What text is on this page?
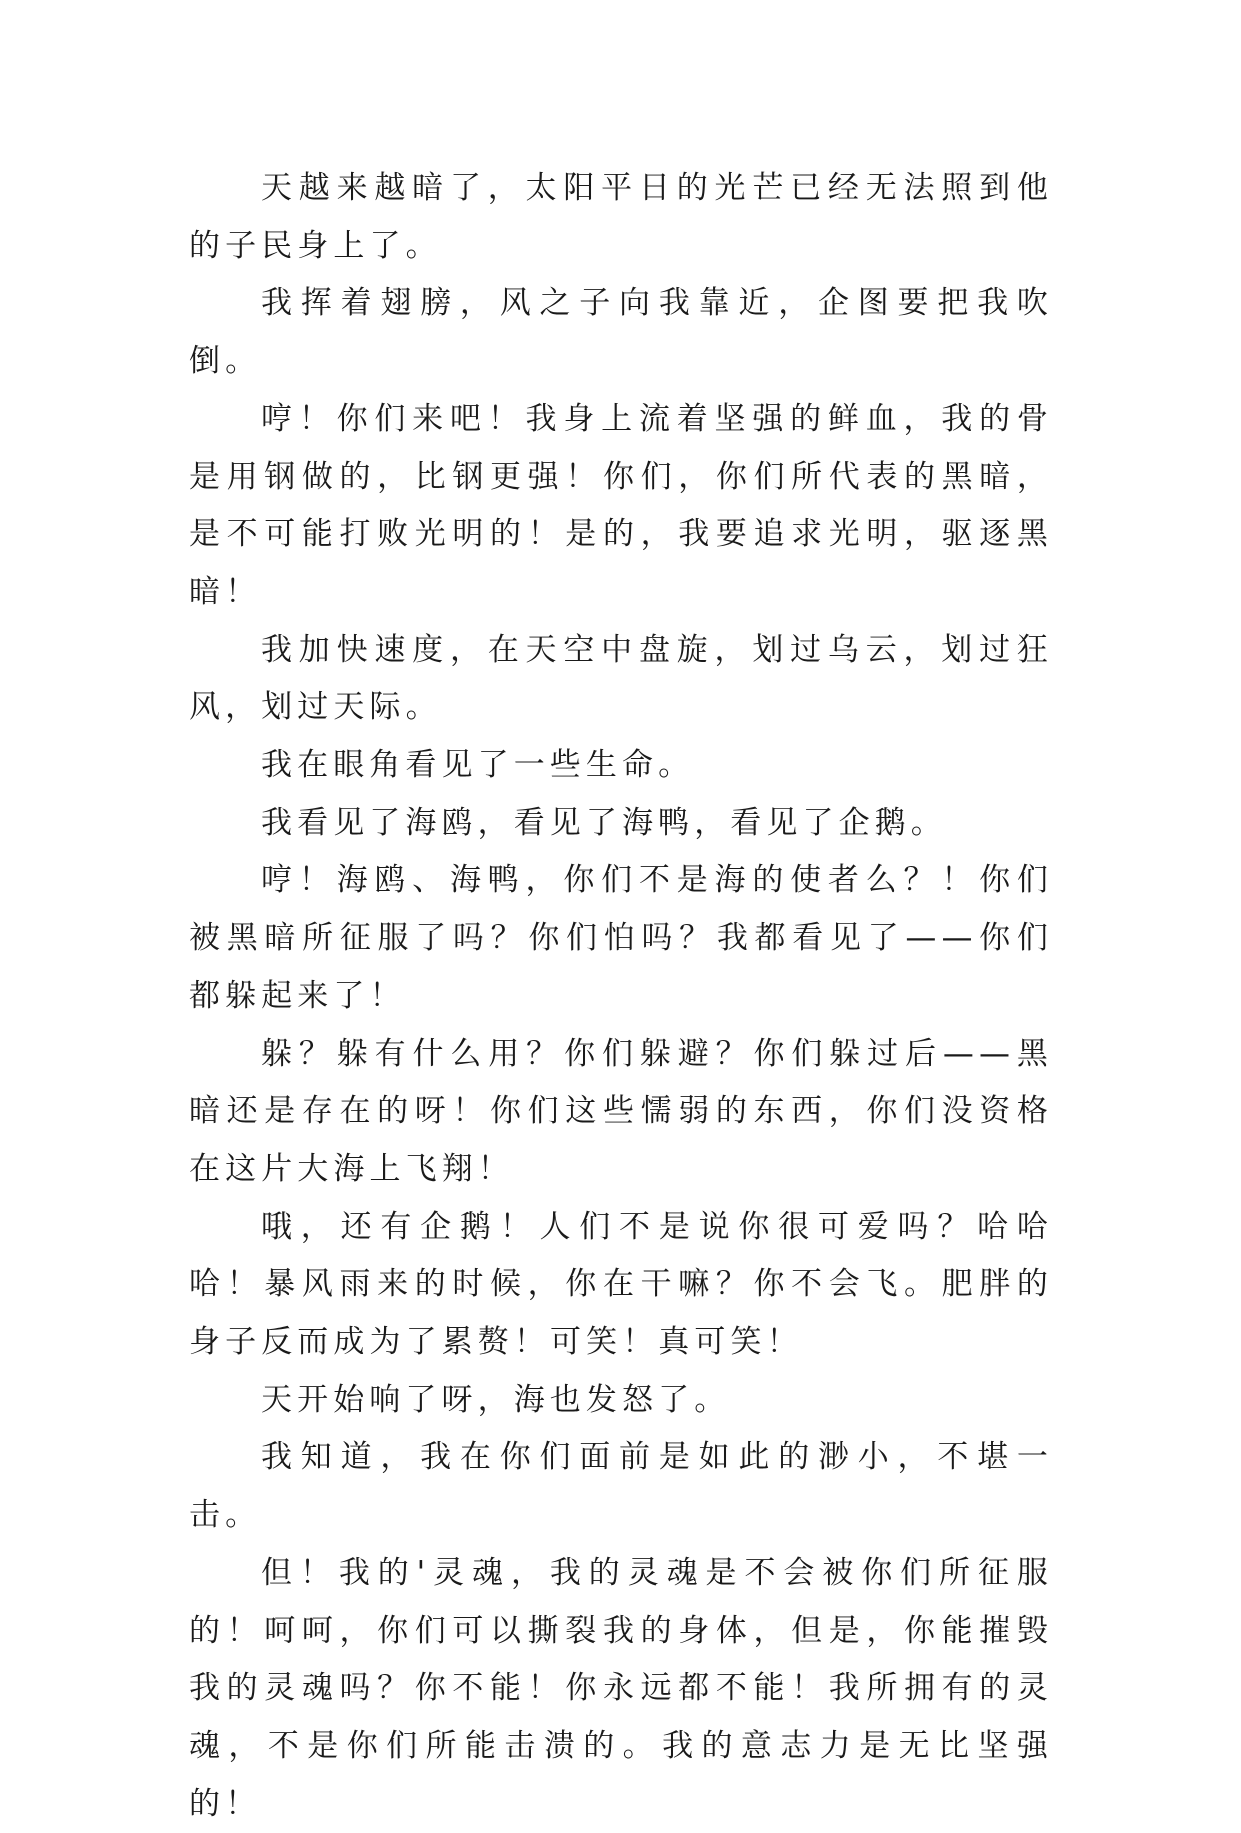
天越来越暗了，太阳平日的光芒已经无法照到他的子民身上了。

我挥着翅膀，风之子向我靠近，企图要把我吹倒。

哼！你们来吧！我身上流着坚强的鲜血，我的骨是用钢做的，比钢更强！你们，你们所代表的黑暗，是不可能打败光明的！是的，我要追求光明，驱逐黑暗！

我加快速度，在天空中盘旋，划过乌云，划过狂风，划过天际。

我在眼角看见了一些生命。

我看见了海鸥，看见了海鸭，看见了企鹅。

哼！海鸥、海鸭，你们不是海的使者么？！你们被黑暗所征服了吗？你们怕吗？我都看见了——你们都躲起来了！

躲？躲有什么用？你们躲避？你们躲过后——黑暗还是存在的呀！你们这些懦弱的东西，你们没资格在这片大海上飞翔！

哦，还有企鹅！人们不是说你很可爱吗？哈哈哈！暴风雨来的时候，你在干嘛？你不会飞。肥胖的身子反而成为了累赘！可笑！真可笑！

天开始响了呀，海也发怒了。

我知道，我在你们面前是如此的渺小，不堪一击。

但！我的'灵魂，我的灵魂是不会被你们所征服的！呵呵，你们可以撕裂我的身体，但是，你能摧毁我的灵魂吗？你不能！你永远都不能！我所拥有的灵魂，不是你们所能击溃的。我的意志力是无比坚强的！
